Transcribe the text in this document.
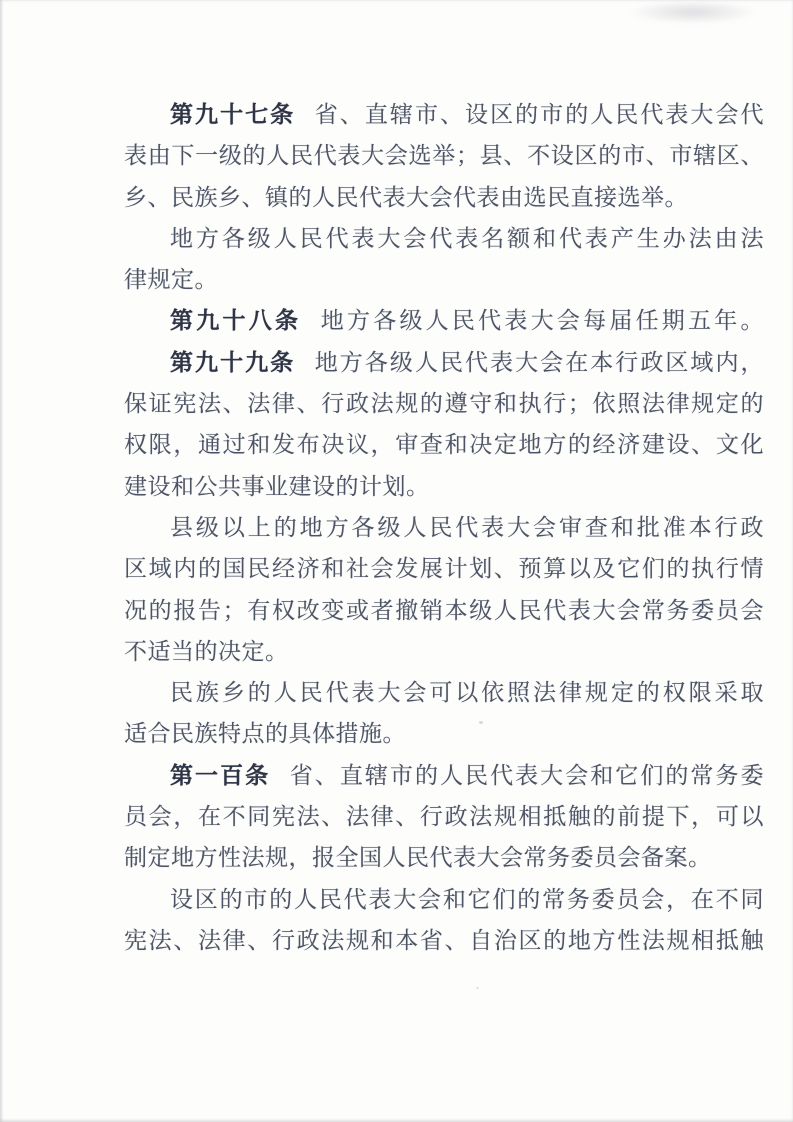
第九十七条 省、直辖市、设区的市的人民代表大会代
表由下一级的人民代表大会选举；县、不设区的市、市辖区、
乡、民族乡、镇的人民代表大会代表由选民直接选举。
地方各级人民代表大会代表名额和代表产生办法由法
律规定。
第九十八条 地方各级人民代表大会每届任期五年。
第九十九条 地方各级人民代表大会在本行政区域内，
保证宪法、法律、行政法规的遵守和执行；依照法律规定的
权限，通过和发布决议，审查和决定地方的经济建设、文化
建设和公共事业建设的计划。
县级以上的地方各级人民代表大会审查和批准本行政
区域内的国民经济和社会发展计划、预算以及它们的执行情
况的报告；有权改变或者撤销本级人民代表大会常务委员会
不适当的决定。
民族乡的人民代表大会可以依照法律规定的权限采取
适合民族特点的具体措施。
第一百条 省、直辖市的人民代表大会和它们的常务委
员会，在不同宪法、法律、行政法规相抵触的前提下，可以
制定地方性法规，报全国人民代表大会常务委员会备案。
设区的市的人民代表大会和它们的常务委员会，在不同
宪法、法律、行政法规和本省、自治区的地方性法规相抵触
